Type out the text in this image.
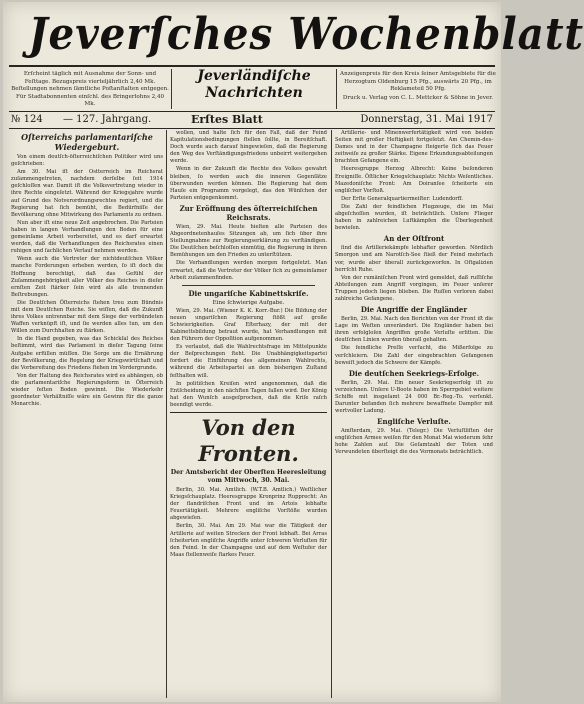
Jeverſches Wochenblatt
Erſcheint täglich mit Ausnahme der Sonn- und Feſttage. Bezugspreis vierteljährlich 2,40 Mk. Beſtellungen nehmen ſämtliche Poſtanſtalten entgegen. Für Stadtabonnenten einſchl. des Bringerlohns 2,40 Mk.
Jeverländiſche
Nachrichten
Anzeigenpreis für den Kreis ſeiner Amtsgebiete für die Herzogtum Oldenburg 15 Pfg., auswärts 20 Pfg., im Reklameteil 50 Pfg.
Druck u. Verlag von C. L. Mettcker & Söhne in Jever.
№ 124 — 127. Jahrgang.	Erſtes Blatt	Donnerstag, 31. Mai 1917
Oſterreichs parlamentariſche Wiedergeburt.

Von einem deutſch-öſterreichiſchen Politiker wird uns geſchrieben:

Am 30. Mai iſt der Ostterreich im Reichsrat zuſammengetreten, nachdem derſelbe ſeit 1914 geſchloſſen war. Damit iſt die Volksvertretung wieder in ihre Rechte eingeſetzt. Während der Kriegsjahre wurde auf Grund des Notverordnungsrechtes regiert, und die Regierung hat ſich bemüht, die Bedürfniſſe der Bevölkerung ohne Mitwirkung des Parlaments zu ordnen.

Nun aber iſt eine neue Zeit angebrochen. Die Parteien haben in langen Verhandlungen den Boden für eine gemeinſame Arbeit vorbereitet, und es darf erwartet werden, daß die Verhandlungen des Reichsrates einen ruhigen und ſachlichen Verlauf nehmen werden.

Wenn auch die Vertreter der nichtdeutſchen Völker manche Forderungen erheben werden, ſo iſt doch die Hoffnung berechtigt, daß das Gefühl der Zuſammengehörigkeit aller Völker des Reiches in dieſer ernſten Zeit ſtärker ſein wird als alle trennenden Beſtrebungen.

Die Deutſchen Öſterreichs ſtehen treu zum Bündnis mit dem Deutſchen Reiche. Sie wiſſen, daß die Zukunft ihres Volkes untrennbar mit dem Siege der verbündeten Waffen verknüpft iſt, und ſie werden alles tun, um den Willen zum Durchhalten zu ſtärken.

In die Hand gegeben, was das Schickſal des Reiches beſtimmt, wird das Parlament in dieſer Tagung ſeine Aufgabe erfüllen müſſen. Die Sorge um die Ernährung der Bevölkerung, die Regelung der Kriegswirtſchaft und die Vorbereitung des Friedens ſtehen im Vordergrunde.

Von der Haltung des Reichsrates wird es abhängen, ob die parlamentariſche Regierungsform in Öſterreich wieder feſten Boden gewinnt. Die Wiederkehr geordneter Verhältniſſe wäre ein Gewinn für die ganze Monarchie.

wollen, und halte ſich für den Fall, daß der Feind Kapitulationsbedingungen ſtellen ſollte, in Bereitſchaft. Doch wurde auch darauf hingewieſen, daß die Regierung den Weg des Verſtändigungsfriedens unbeirrt weitergehen werde.

Wenn in der Zukunft die Rechte des Volkes gewahrt bleiben, ſo werden auch die inneren Gegenſätze überwunden werden können. Die Regierung hat dem Hauſe ein Programm vorgelegt, das den Wünſchen der Parteien entgegenkommt.

Zur Eröffnung des öſterreichiſchen Reichsrats.

Wien, 29. Mai. Heute hielten alle Parteien des Abgeordnetenhauſes Sitzungen ab, um ſich über ihre Stellungnahme zur Regierungserklärung zu verſtändigen. Die Deutſchen beſchloſſen einmütig, die Regierung in ihren Bemühungen um den Frieden zu unterſtützen.

Die Verhandlungen werden morgen fortgeſetzt. Man erwartet, daß die Vertreter der Völker ſich zu gemeinſamer Arbeit zuſammenfinden.

Die ungariſche Kabinettskriſe.
Eine ſchwierige Aufgabe.

Wien, 29. Mai. (Wiener K. K. Korr.-Bur.) Die Bildung der neuen ungariſchen Regierung ſtößt auf große Schwierigkeiten. Graf Eſterhazy, der mit der Kabinettsbildung betraut wurde, hat Verhandlungen mit den Führern der Oppoſition aufgenommen.

Es verlautet, daß die Wahlrechtsfrage im Mittelpunkte der Beſprechungen ſteht. Die Unabhängigkeitspartei fordert die Einführung des allgemeinen Wahlrechts, während die Arbeitspartei an dem bisherigen Zuſtand feſthalten will.

In politiſchen Kreiſen wird angenommen, daß die Entſcheidung in den nächſten Tagen fallen wird. Der König hat den Wunſch ausgeſprochen, daß die Kriſe raſch beendigt werde.

Von den Fronten.
Der Amtsbericht der Oberſten Heeresleitung vom Mittwoch, 30. Mai.

Berlin, 30. Mai. Amtlich. (W.T.B. Amtlich.) Weſtlicher Kriegsſchauplatz. Heeresgruppe Kronprinz Rupprecht: An der flandriſchen Front und im Artois lebhafte Feuertätigkeit. Mehrere engliſche Vorſtöße wurden abgewieſen.

Berlin, 30. Mai. Am 29. Mai war die Tätigkeit der Artillerie auf weiten Strecken der Front lebhaft. Bei Arras ſcheiterten engliſche Angriffe unter ſchweren Verluſten für den Feind. In der Champagne und auf dem Weſtufer der Maas ſtellenweiſe ſtarkes Feuer.

Artillerie- und Minenwerfertätigkeit wird von beiden Seiten mit großer Heftigkeit fortgeſetzt. Am Chemin-des-Dames und in der Champagne ſteigerte ſich das Feuer zeitweiſe zu großer Stärke. Eigene Erkundungsabteilungen brachten Gefangene ein.

Heeresgruppe Herzog Albrecht: Keine beſonderen Ereigniſſe. Öſtlicher Kriegsſchauplatz: Nichts Weſentliches. Mazedoniſche Front: Am Doiranſee ſcheiterte ein engliſcher Vorſtoß.

Der Erſte Generalquartiermeiſter: Ludendorff.

Die Zahl der feindlichen Flugzeuge, die im Mai abgeſchoſſen wurden, iſt beträchtlich. Unſere Flieger haben in zahlreichen Luftkämpfen die Überlegenheit bewieſen.

An der Oſtfront

ſind die Artilleriekämpfe lebhafter geworden. Nördlich Smorgon und am Narotſch-See ſtieß der Feind mehrfach vor, wurde aber überall zurückgeworfen. In Oſtgalizien herrſcht Ruhe.

Von der rumäniſchen Front wird gemeldet, daß ruſſiſche Abteilungen zum Angriff vorgingen, im Feuer unſerer Truppen jedoch liegen blieben. Die Ruſſen verloren dabei zahlreiche Gefangene.

Die Angriffe der Engländer

Berlin, 29. Mai. Nach den Berichten von der Front iſt die Lage im Weſten unverändert. Die Engländer haben bei ihren erfolgloſen Angriffen große Verluſte erlitten. Die deutſchen Linien wurden überall gehalten.

Die feindliche Preſſe verſucht, die Mißerfolge zu verſchleiern. Die Zahl der eingebrachten Gefangenen beweiſt jedoch die Schwere der Kämpfe.

Die deutſchen Seekriegs-Erfolge.

Berlin, 29. Mai. Ein neuer Seekriegserfolg iſt zu verzeichnen. Unſere U-Boote haben im Sperrgebiet weitere Schiffe mit insgeſamt 24 000 Br.-Reg.-To. verſenkt. Darunter befanden ſich mehrere bewaffnete Dampfer mit wertvoller Ladung.

Engliſche Verluſte.

Amſterdam, 29. Mai. (Telegr.) Die Verluſtliſten der engliſchen Armee weiſen für den Monat Mai wiederum ſehr hohe Zahlen auf. Die Geſamtzahl der Toten und Verwundeten überſteigt die des Vormonats beträchtlich.
